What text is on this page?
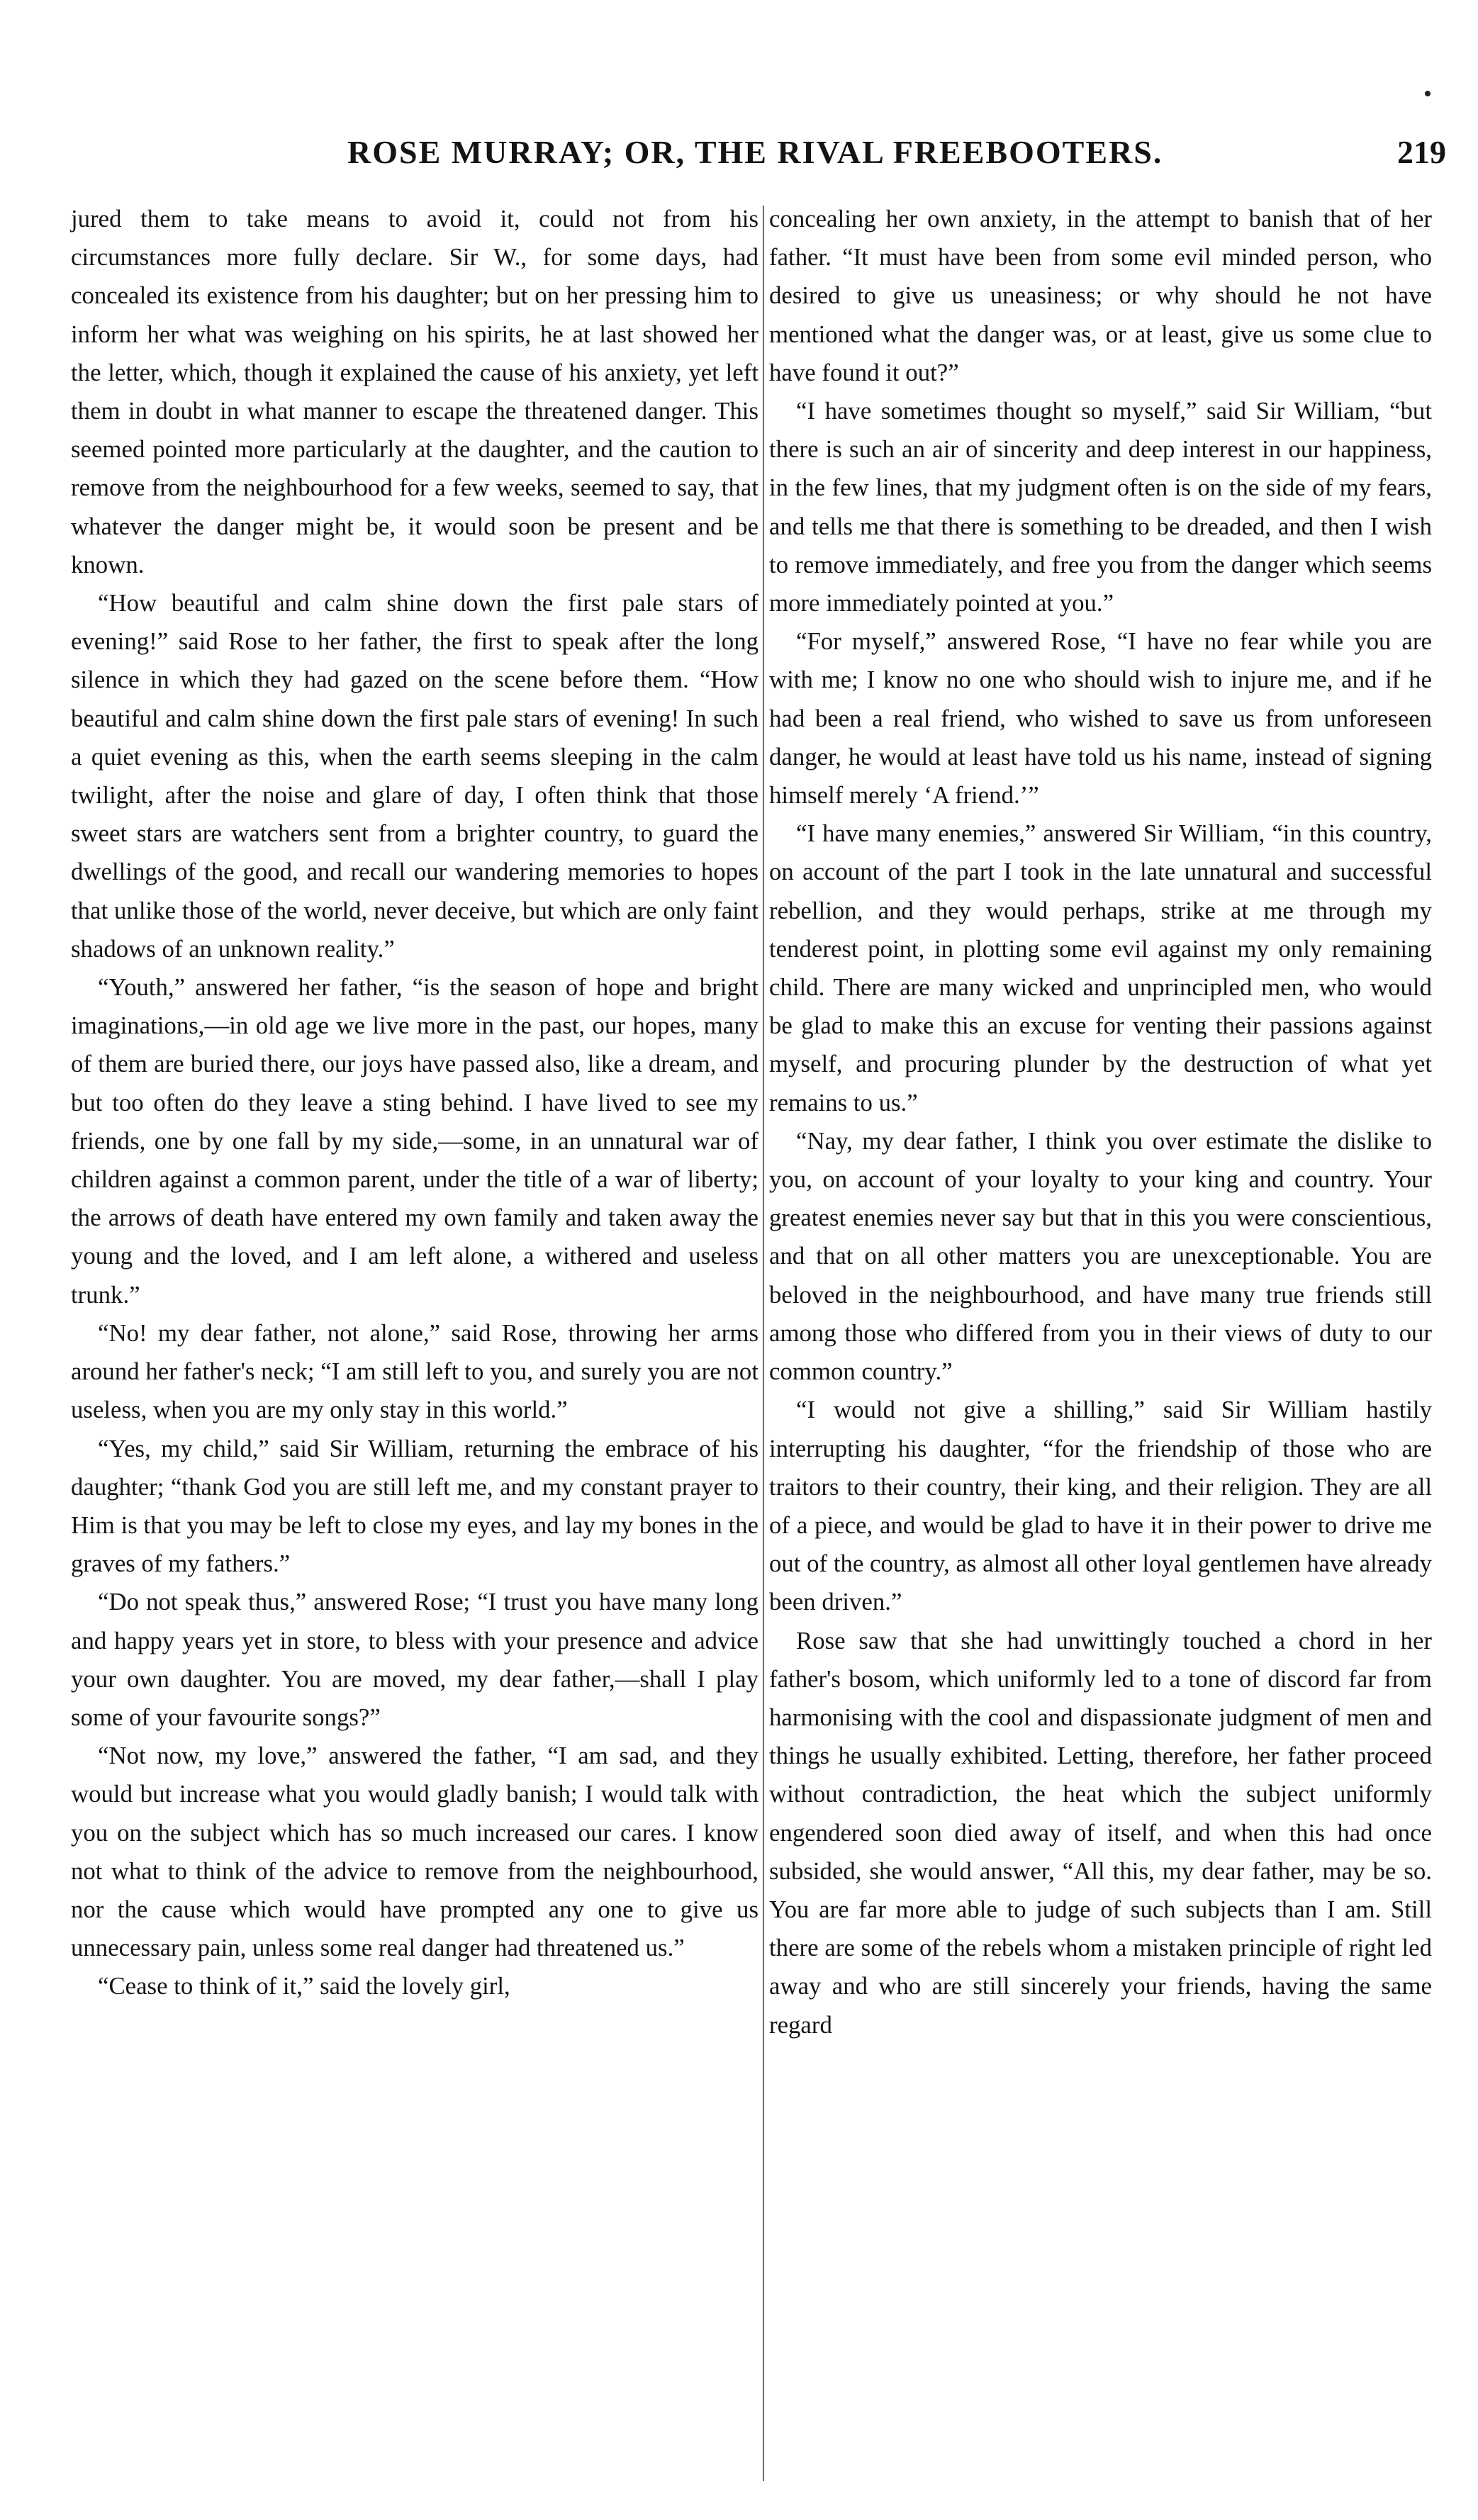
ROSE MURRAY; OR, THE RIVAL FREEBOOTERS.	219

jured them to take means to avoid it, could not from his circumstances more fully declare. Sir W., for some days, had concealed its existence from his daughter; but on her pressing him to inform her what was weighing on his spirits, he at last showed her the letter, which, though it explained the cause of his anxiety, yet left them in doubt in what manner to escape the threatened danger. This seemed pointed more particularly at the daughter, and the caution to remove from the neighbourhood for a few weeks, seemed to say, that whatever the danger might be, it would soon be present and be known.

“How beautiful and calm shine down the first pale stars of evening!” said Rose to her father, the first to speak after the long silence in which they had gazed on the scene before them. “How beautiful and calm shine down the first pale stars of evening! In such a quiet evening as this, when the earth seems sleeping in the calm twilight, after the noise and glare of day, I often think that those sweet stars are watchers sent from a brighter country, to guard the dwellings of the good, and recall our wandering memories to hopes that unlike those of the world, never deceive, but which are only faint shadows of an unknown reality.”

“Youth,” answered her father, “is the season of hope and bright imaginations,—in old age we live more in the past, our hopes, many of them are buried there, our joys have passed also, like a dream, and but too often do they leave a sting behind. I have lived to see my friends, one by one fall by my side,—some, in an unnatural war of children against a common parent, under the title of a war of liberty; the arrows of death have entered my own family and taken away the young and the loved, and I am left alone, a withered and useless trunk.”

“No! my dear father, not alone,” said Rose, throwing her arms around her father's neck; “I am still left to you, and surely you are not useless, when you are my only stay in this world.”

“Yes, my child,” said Sir William, returning the embrace of his daughter; “thank God you are still left me, and my constant prayer to Him is that you may be left to close my eyes, and lay my bones in the graves of my fathers.”

“Do not speak thus,” answered Rose; “I trust you have many long and happy years yet in store, to bless with your presence and advice your own daughter. You are moved, my dear father,—shall I play some of your favourite songs?”

“Not now, my love,” answered the father, “I am sad, and they would but increase what you would gladly banish; I would talk with you on the subject which has so much increased our cares. I know not what to think of the advice to remove from the neighbourhood, nor the cause which would have prompted any one to give us unnecessary pain, unless some real danger had threatened us.”

“Cease to think of it,” said the lovely girl,

concealing her own anxiety, in the attempt to banish that of her father. “It must have been from some evil minded person, who desired to give us uneasiness; or why should he not have mentioned what the danger was, or at least, give us some clue to have found it out?”

“I have sometimes thought so myself,” said Sir William, “but there is such an air of sincerity and deep interest in our happiness, in the few lines, that my judgment often is on the side of my fears, and tells me that there is something to be dreaded, and then I wish to remove immediately, and free you from the danger which seems more immediately pointed at you.”

“For myself,” answered Rose, “I have no fear while you are with me; I know no one who should wish to injure me, and if he had been a real friend, who wished to save us from unforeseen danger, he would at least have told us his name, instead of signing himself merely ‘A friend.’”

“I have many enemies,” answered Sir William, “in this country, on account of the part I took in the late unnatural and successful rebellion, and they would perhaps, strike at me through my tenderest point, in plotting some evil against my only remaining child. There are many wicked and unprincipled men, who would be glad to make this an excuse for venting their passions against myself, and procuring plunder by the destruction of what yet remains to us.”

“Nay, my dear father, I think you over estimate the dislike to you, on account of your loyalty to your king and country. Your greatest enemies never say but that in this you were conscientious, and that on all other matters you are unexceptionable. You are beloved in the neighbourhood, and have many true friends still among those who differed from you in their views of duty to our common country.”

“I would not give a shilling,” said Sir William hastily interrupting his daughter, “for the friendship of those who are traitors to their country, their king, and their religion. They are all of a piece, and would be glad to have it in their power to drive me out of the country, as almost all other loyal gentlemen have already been driven.”

Rose saw that she had unwittingly touched a chord in her father's bosom, which uniformly led to a tone of discord far from harmonising with the cool and dispassionate judgment of men and things he usually exhibited. Letting, therefore, her father proceed without contradiction, the heat which the subject uniformly engendered soon died away of itself, and when this had once subsided, she would answer, “All this, my dear father, may be so. You are far more able to judge of such subjects than I am. Still there are some of the rebels whom a mistaken principle of right led away and who are still sincerely your friends, having the same regard
